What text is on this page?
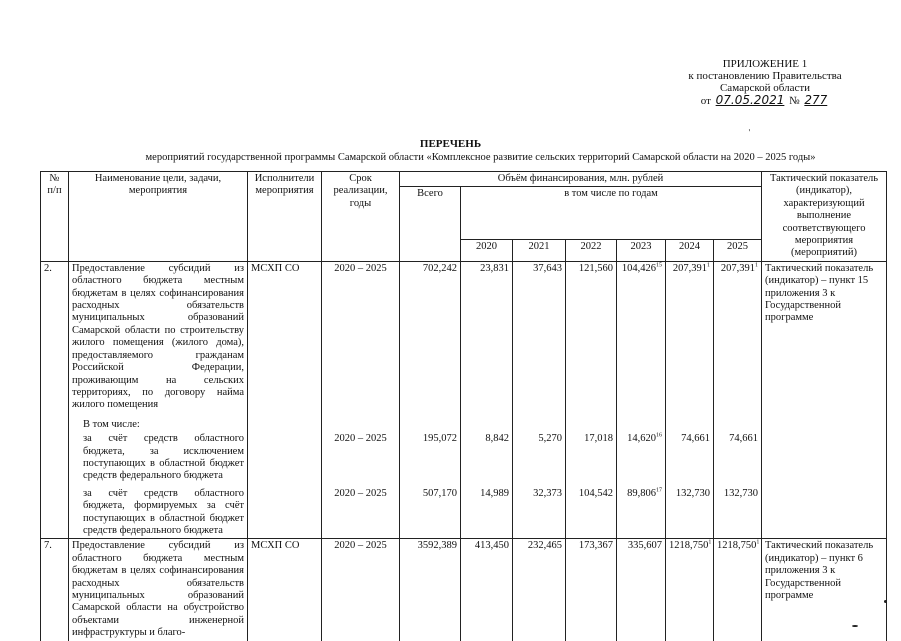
ПРИЛОЖЕНИЕ 1
к постановлению Правительства
Самарской области
от 07.05.2021 № 277
`
ПЕРЕЧЕНЬ
мероприятий государственной программы Самарской области «Комплексное развитие сельских территорий Самарской области на 2020 – 2025 годы»
№ п/п	Наименование цели, задачи, мероприятия	Исполнители мероприятия	Срок реализации, годы	Объём финансирования, млн. рублей							Тактический показатель (индикатор), характеризующий выполнение соответствующего мероприятия (мероприятий)
				Всего	в том числе по годам						
					2020	2021	2022	2023	2024	2025	
2.	Предоставление субсидий из областного бюджета местным бюджетам в целях софинансирования расходных обязательств муниципальных образований Самарской области по строительству жилого помещения (жилого дома), предоставляемого гражданам Российской Федерации, проживающим на сельских территориях, по договору найма жилого помещения	МСХП СО	2020 – 2025	702,242	23,831	37,643	121,560	104,426$^{15}$	207,391$^1$	207,391$^1$	Тактический показатель (индикатор) – пункт 15 приложения 3 к Государственной программе
	В том числе:										
	за счёт средств областного бюджета, за исключением поступающих в областной бюджет средств федерального бюджета		2020 – 2025	195,072	8,842	5,270	17,018	14,620$^{16}$	74,661	74,661	
	за счёт средств областного бюджета, формируемых за счёт поступающих в областной бюджет средств федерального бюджета		2020 – 2025	507,170	14,989	32,373	104,542	89,806$^{17}$	132,730	132,730	
7.	Предоставление субсидий из областного бюджета местным бюджетам в целях софинансирования расходных обязательств муниципальных образований Самарской области на обустройство объектами инженерной инфраструктуры и благо-	МСХП СО	2020 – 2025	3592,389	413,450	232,465	173,367	335,607	1218,750$^1$	1218,750$^1$	Тактический показатель (индикатор) – пункт 6 приложения 3 к Государственной программе
